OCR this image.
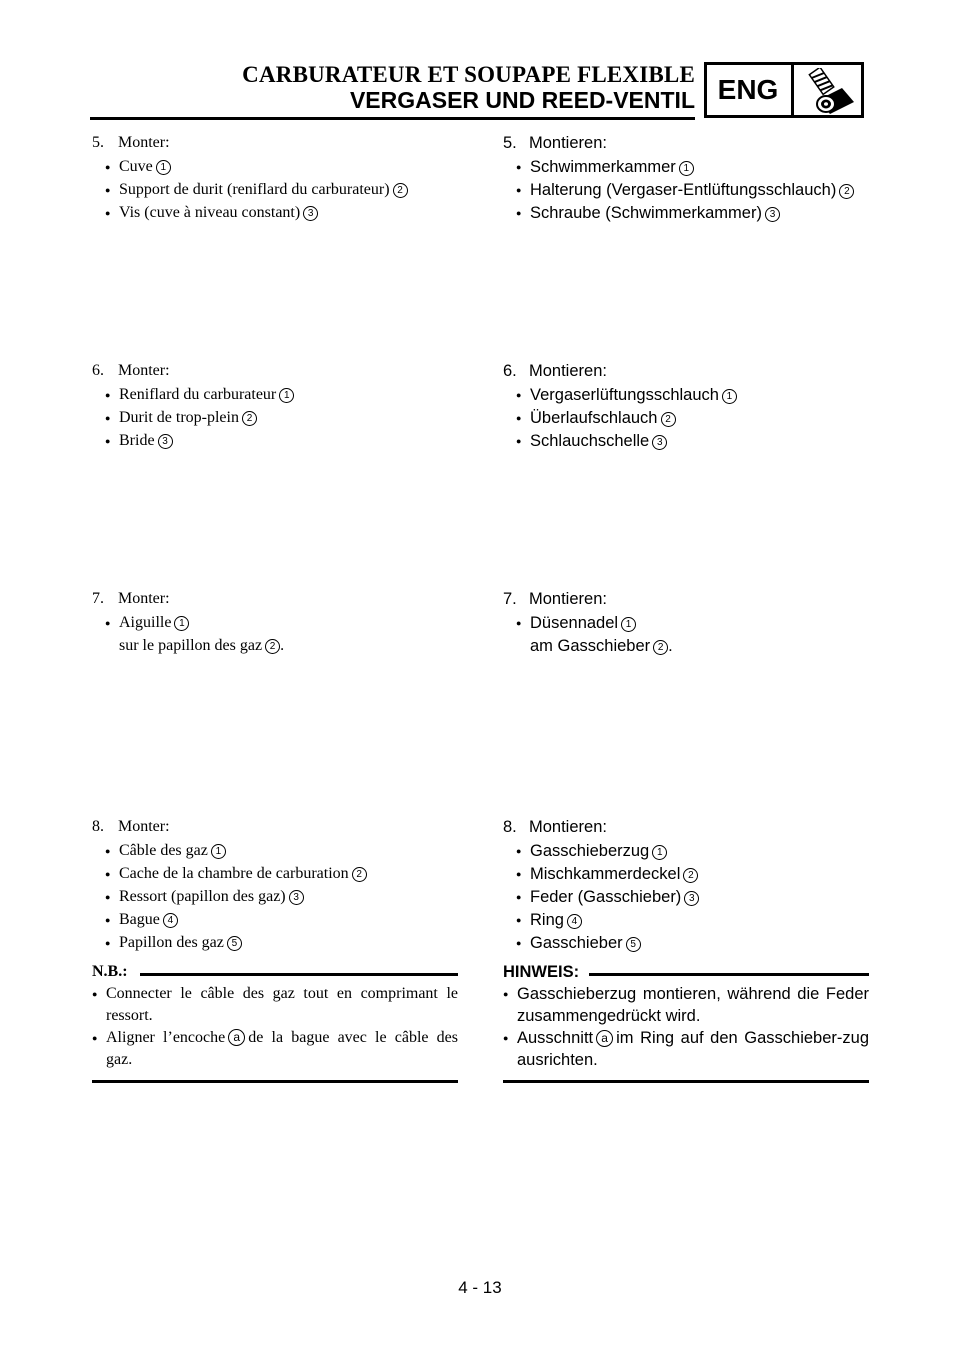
CARBURATEUR ET SOUPAPE FLEXIBLE
VERGASER UND REED-VENTIL ENG
5. Monter:
● Cuve 1
● Support de durit (reniflard du carburateur) 2
● Vis (cuve à niveau constant) 3
6. Monter:
● Reniflard du carburateur 1
● Durit de trop-plein 2
● Bride 3
7. Monter:
● Aiguille 1
sur le papillon des gaz 2 .
8. Monter:
● Câble des gaz 1
● Cache de la chambre de carburation 2
● Ressort (papillon des gaz) 3
● Bague 4
● Papillon des gaz 5
N.B.:
● Connecter le câble des gaz tout en comprimant le ressort.
● Aligner l’encoche a de la bague avec le câble des gaz.
5. Montieren:
● Schwimmerkammer 1
● Halterung (Vergaser-Entlüftungsschlauch) 2
● Schraube (Schwimmerkammer) 3
6. Montieren:
● Vergaserlüftungsschlauch 1
● Überlaufschlauch 2
● Schlauchschelle 3
7. Montieren:
● Düsennadel 1
am Gasschieber 2 .
8. Montieren:
● Gasschieberzug 1
● Mischkammerdeckel 2
● Feder (Gasschieber) 3
● Ring 4
● Gasschieber 5
HINWEIS:
● Gasschieberzug montieren, während die Feder zusammengedrückt wird.
● Ausschnitt a im Ring auf den Gasschieber-zug ausrichten.
4 - 13
